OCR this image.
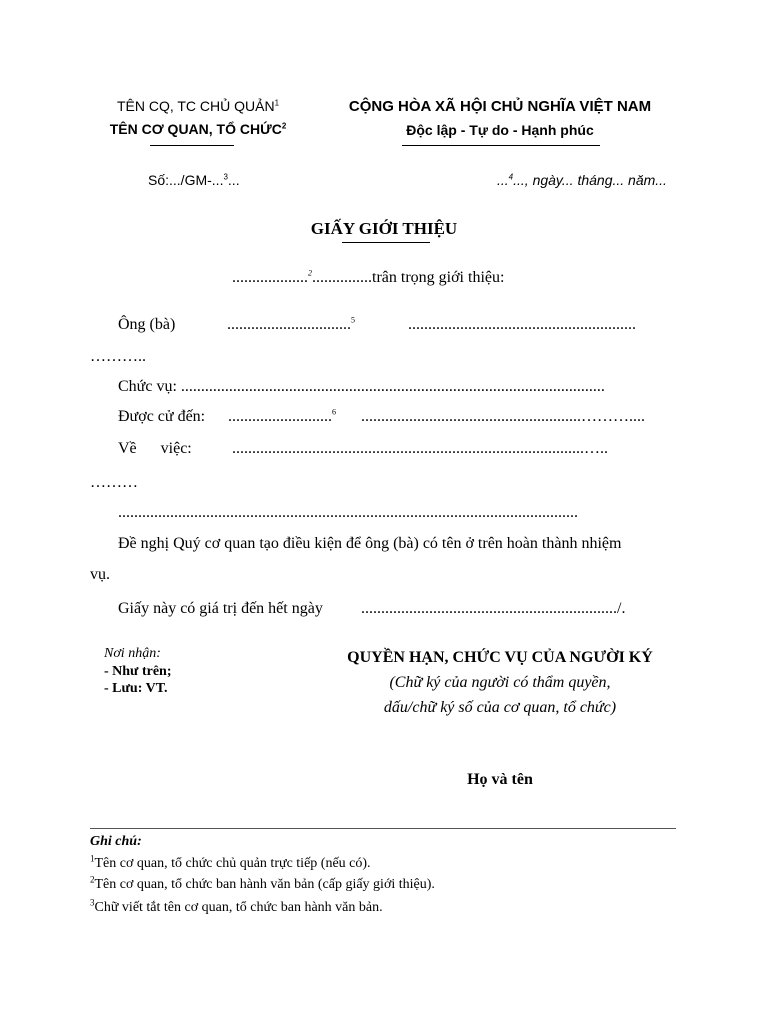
TÊN CQ, TC CHỦ QUẢN$^1$
TÊN CƠ QUAN, TỔ CHỨC$^2$
CỘNG HÒA XÃ HỘI CHỦ NGHĨA VIỆT NAM
Độc lập - Tự do - Hạnh phúc
Số:.../GM-...$^3$...	...$^4$..., ngày... tháng... năm...
GIẤY GIỚI THIỆU
...................$^2$...............trân trọng giới thiệu:
Ông (bà)	...............................$^5$	.........................................................
………..
Chức vụ: ..........................................................................................................
Được cử đến: ..........................$^6$ .......................................................………....
Về      việc:	........................................................................................…..
………
...................................................................................................................
Đề nghị Quý cơ quan tạo điều kiện để ông (bà) có tên ở trên hoàn thành nhiệm
vụ.
Giấy này có giá trị đến hết ngày ................................................................/.
Nơi nhận:
- Như trên;
- Lưu: VT.
QUYỀN HẠN, CHỨC VỤ CỦA NGƯỜI KÝ
(Chữ ký của người có thẩm quyền,
dấu/chữ ký số của cơ quan, tổ chức)
Họ và tên
Ghi chú:
$^1$Tên cơ quan, tổ chức chủ quản trực tiếp (nếu có).
$^2$Tên cơ quan, tổ chức ban hành văn bản (cấp giấy giới thiệu).
$^3$Chữ viết tắt tên cơ quan, tổ chức ban hành văn bản.
